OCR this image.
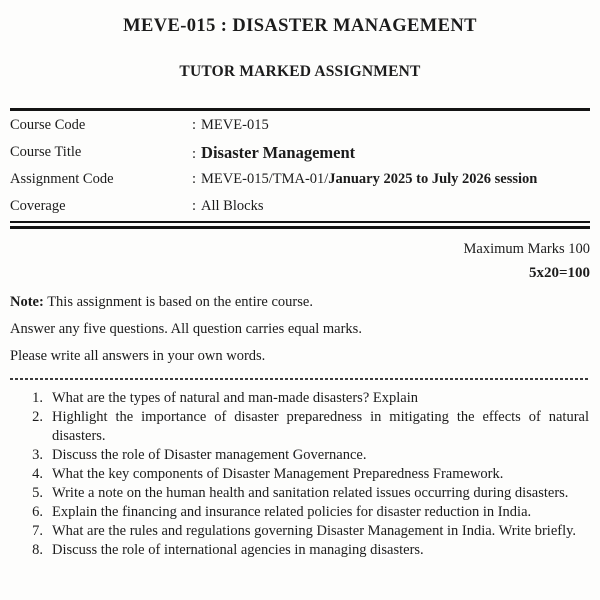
MEVE-015 : DISASTER MANAGEMENT
TUTOR MARKED ASSIGNMENT
Course Code	: MEVE-015
Course Title	: Disaster Management
Assignment Code	: MEVE-015/TMA-01/January 2025 to July 2026 session
Coverage	: All Blocks
Maximum Marks 100
5x20=100

Note: This assignment is based on the entire course.

Answer any five questions. All question carries equal marks.

Please write all answers in your own words.

1. What are the types of natural and man-made disasters? Explain
2. Highlight the importance of disaster preparedness in mitigating the effects of natural disasters.
3. Discuss the role of Disaster management Governance.
4. What the key components of Disaster Management Preparedness Framework.
5. Write a note on the human health and sanitation related issues occurring during disasters.
6. Explain the financing and insurance related policies for disaster reduction in India.
7. What are the rules and regulations governing Disaster Management in India. Write briefly.
8. Discuss the role of international agencies in managing disasters.
